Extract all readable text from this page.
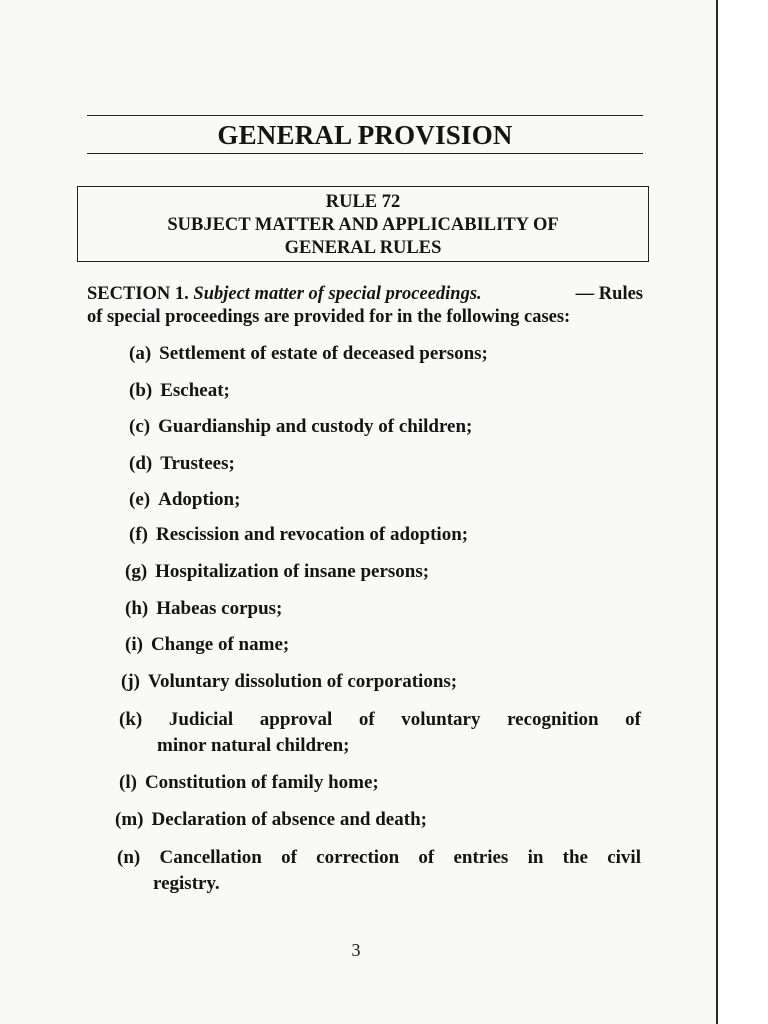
GENERAL PROVISION
RULE 72
SUBJECT MATTER AND APPLICABILITY OF
GENERAL RULES
SECTION 1. Subject matter of special proceedings.	— Rules
of special proceedings are provided for in the following cases:
(a) Settlement of estate of deceased persons;
(b) Escheat;
(c) Guardianship and custody of children;
(d) Trustees;
(e) Adoption;
(f) Rescission and revocation of adoption;
(g) Hospitalization of insane persons;
(h) Habeas corpus;
(i) Change of name;
(j) Voluntary dissolution of corporations;
(k) Judicial approval of voluntary recognition of
minor natural children;
(l) Constitution of family home;
(m) Declaration of absence and death;
(n) Cancellation of correction of entries in the civil
registry.
3
